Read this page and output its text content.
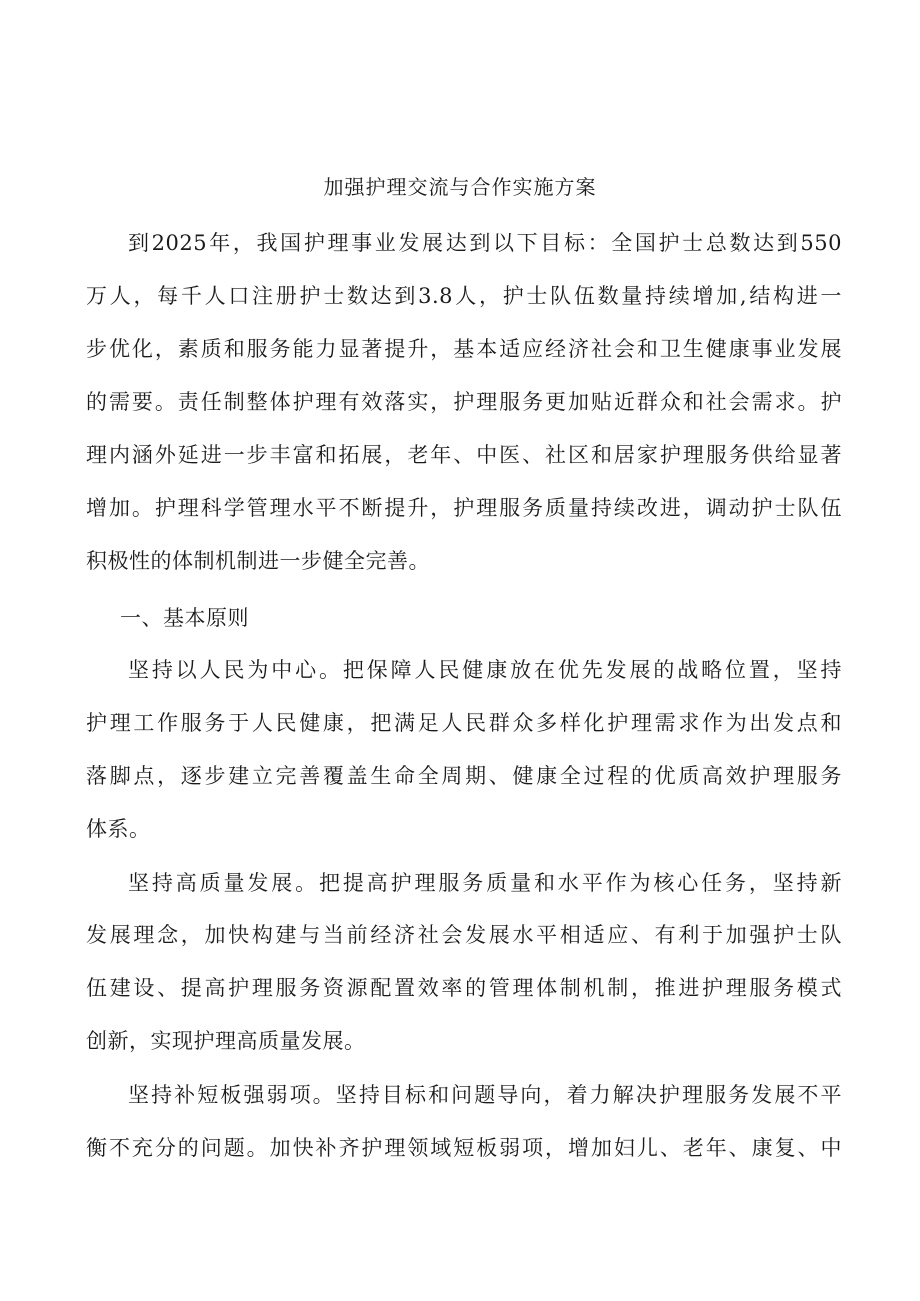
加强护理交流与合作实施方案
到2025年，我国护理事业发展达到以下目标：全国护士总数达到550
万人，每千人口注册护士数达到3.8人，护士队伍数量持续增加,结构进一
步优化，素质和服务能力显著提升，基本适应经济社会和卫生健康事业发展
的需要。责任制整体护理有效落实，护理服务更加贴近群众和社会需求。护
理内涵外延进一步丰富和拓展，老年、中医、社区和居家护理服务供给显著
增加。护理科学管理水平不断提升，护理服务质量持续改进，调动护士队伍
积极性的体制机制进一步健全完善。
一、基本原则
坚持以人民为中心。把保障人民健康放在优先发展的战略位置，坚持
护理工作服务于人民健康，把满足人民群众多样化护理需求作为出发点和
落脚点，逐步建立完善覆盖生命全周期、健康全过程的优质高效护理服务
体系。
坚持高质量发展。把提高护理服务质量和水平作为核心任务，坚持新
发展理念，加快构建与当前经济社会发展水平相适应、有利于加强护士队
伍建设、提高护理服务资源配置效率的管理体制机制，推进护理服务模式
创新，实现护理高质量发展。
坚持补短板强弱项。坚持目标和问题导向，着力解决护理服务发展不平
衡不充分的问题。加快补齐护理领域短板弱项，增加妇儿、老年、康复、中
